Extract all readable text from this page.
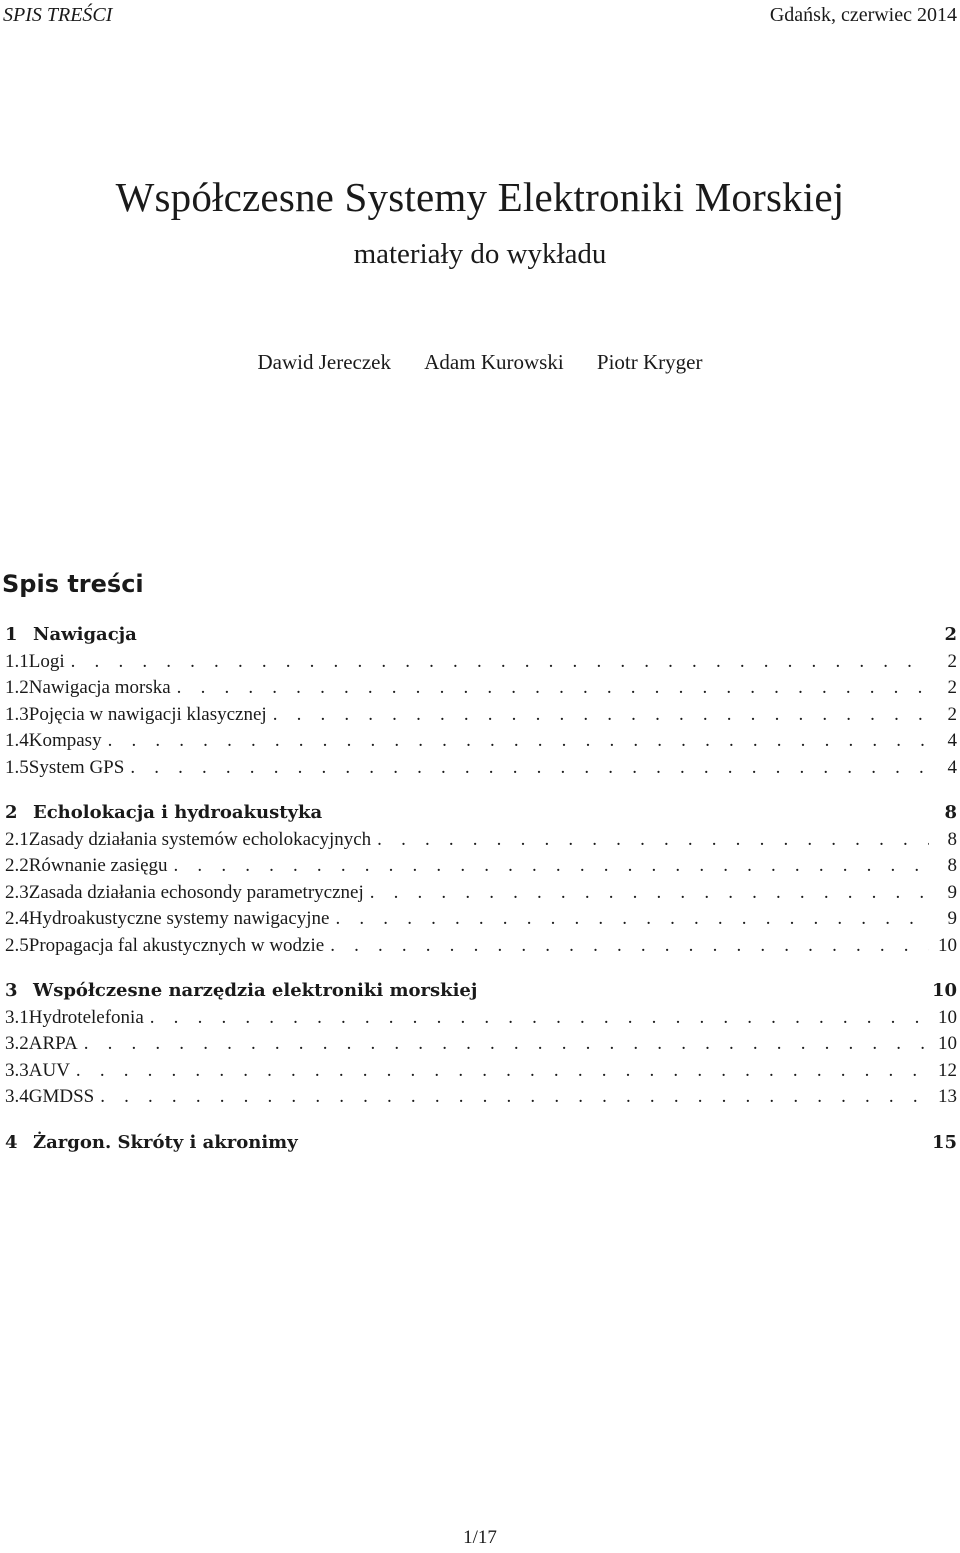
SPIS TREŚCI	Gdańsk, czerwiec 2014
Współczesne Systemy Elektroniki Morskiej
materiały do wykładu
Dawid Jereczek Adam Kurowski Piotr Kryger
Spis treści
1 Nawigacja	2
1.1 Logi . . .	2
1.2 Nawigacja morska . . .	2
1.3 Pojęcia w nawigacji klasycznej . . .	2
1.4 Kompasy . . .	4
1.5 System GPS . . .	4
2 Echolokacja i hydroakustyka	8
2.1 Zasady działania systemów echolokacyjnych . . .	8
2.2 Równanie zasięgu . . .	8
2.3 Zasada działania echosondy parametrycznej . . .	9
2.4 Hydroakustyczne systemy nawigacyjne . . .	9
2.5 Propagacja fal akustycznych w wodzie . . .	10
3 Współczesne narzędzia elektroniki morskiej	10
3.1 Hydrotelefonia . . .	10
3.2 ARPA . . .	10
3.3 AUV . . .	12
3.4 GMDSS . . .	13
4 Żargon. Skróty i akronimy	15
1/17
